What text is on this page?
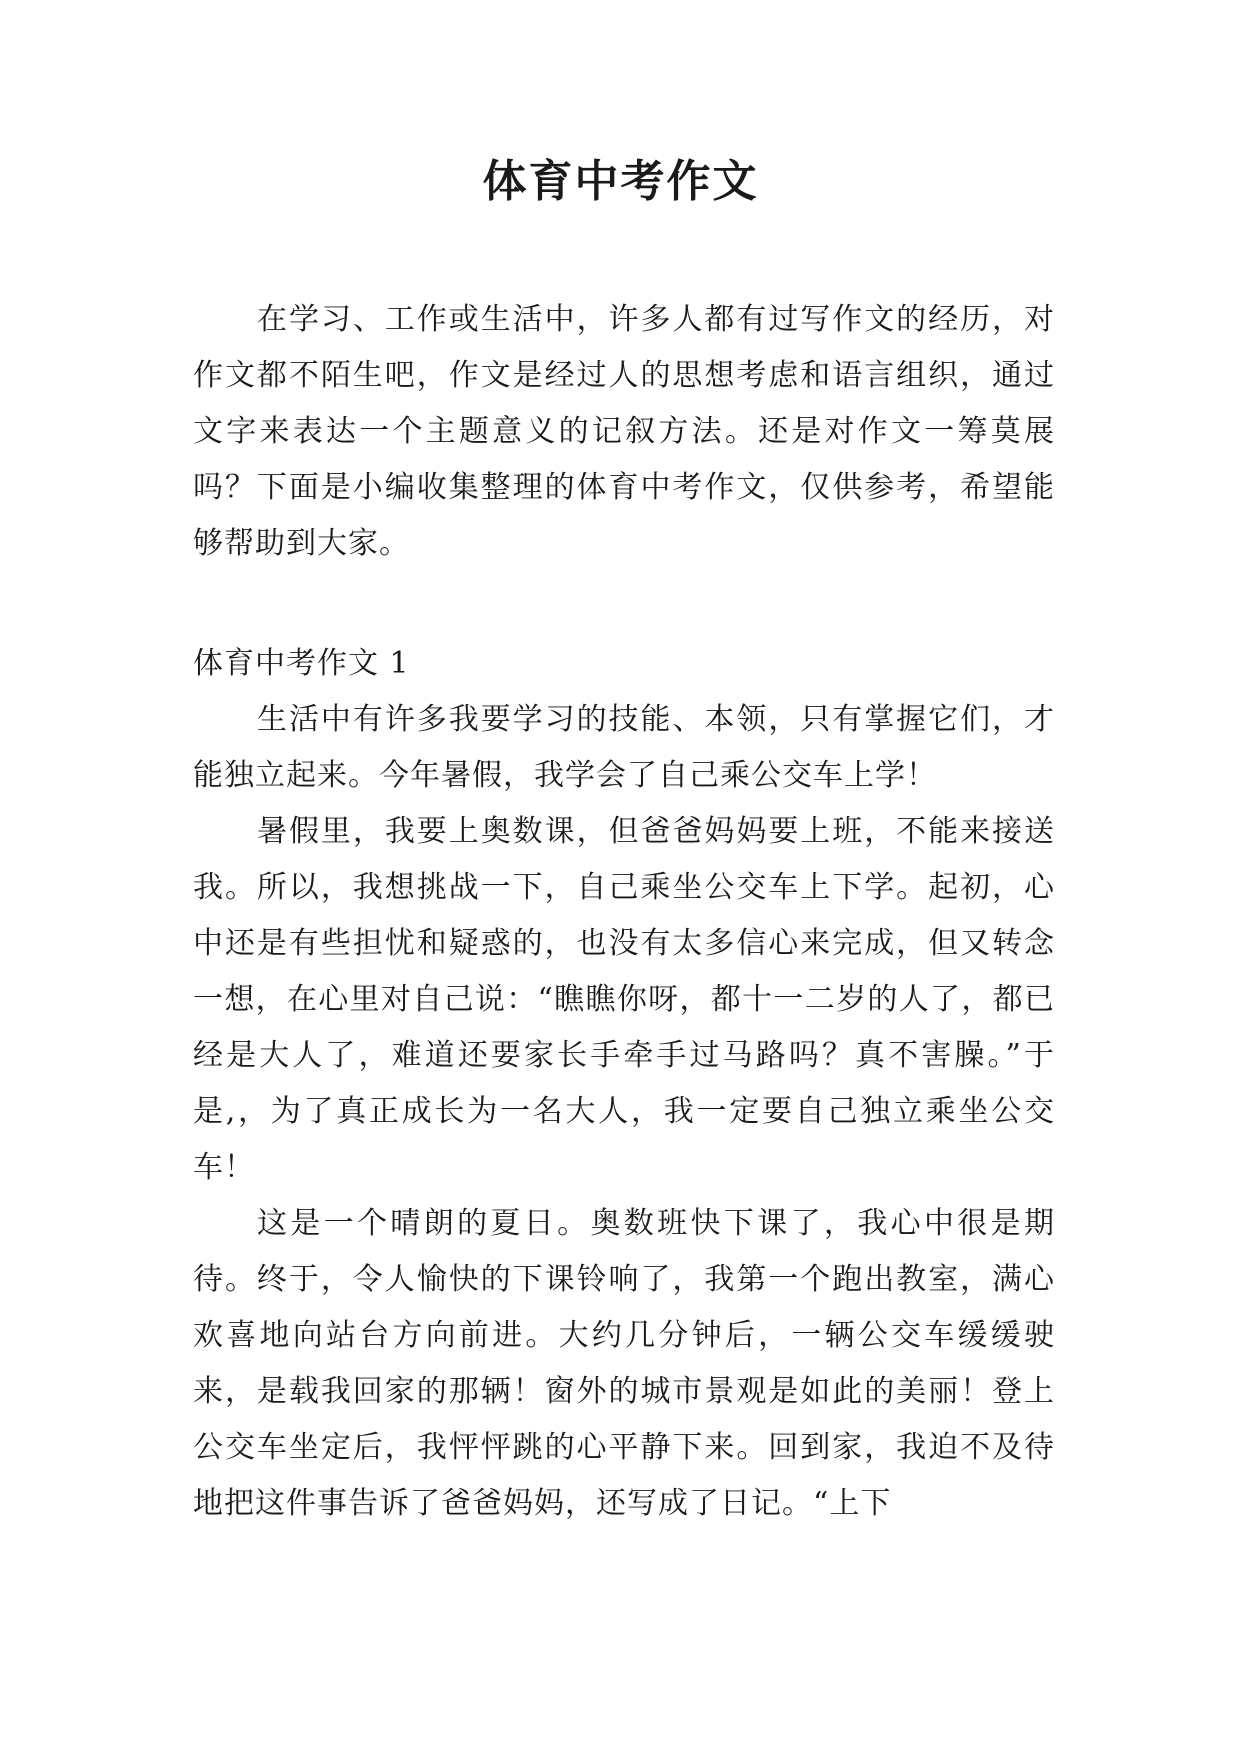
体育中考作文

在学习、工作或生活中，许多人都有过写作文的经历，对作文都不陌生吧，作文是经过人的思想考虑和语言组织，通过文字来表达一个主题意义的记叙方法。还是对作文一筹莫展吗？下面是小编收集整理的体育中考作文，仅供参考，希望能够帮助到大家。

体育中考作文 1

生活中有许多我要学习的技能、本领，只有掌握它们，才能独立起来。今年暑假，我学会了自己乘公交车上学！

暑假里，我要上奥数课，但爸爸妈妈要上班，不能来接送我。所以，我想挑战一下，自己乘坐公交车上下学。起初，心中还是有些担忧和疑惑的，也没有太多信心来完成，但又转念一想，在心里对自己说：“瞧瞧你呀，都十一二岁的人了，都已经是大人了，难道还要家长手牵手过马路吗？真不害臊。”于是,，为了真正成长为一名大人，我一定要自己独立乘坐公交车！

这是一个晴朗的夏日。奥数班快下课了，我心中很是期待。终于，令人愉快的下课铃响了，我第一个跑出教室，满心欢喜地向站台方向前进。大约几分钟后，一辆公交车缓缓驶来，是载我回家的那辆！窗外的城市景观是如此的美丽！登上公交车坐定后，我怦怦跳的心平静下来。回到家，我迫不及待地把这件事告诉了爸爸妈妈，还写成了日记。“上下
